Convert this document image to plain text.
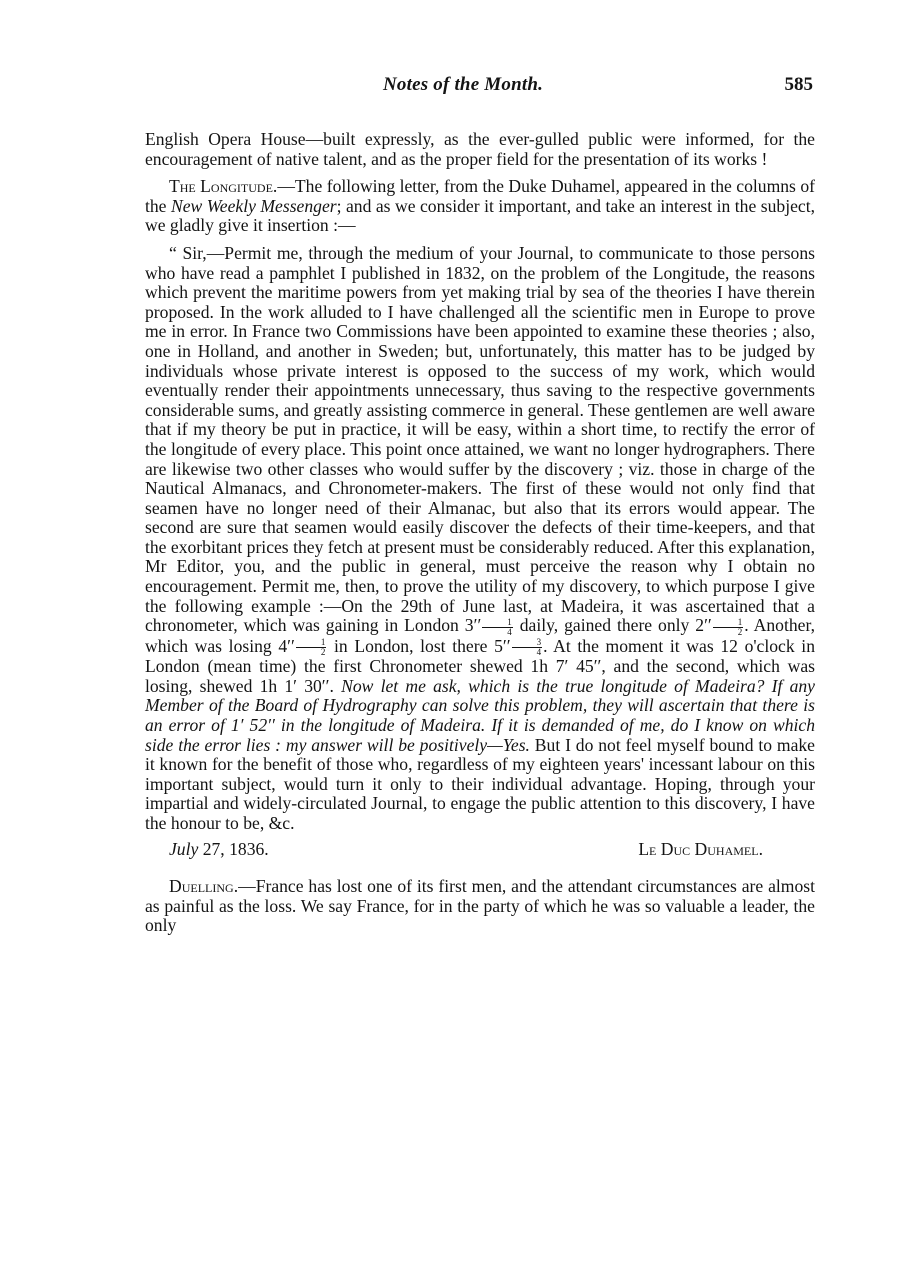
Notes of the Month.	585

English Opera House—built expressly, as the ever-gulled public were informed, for the encouragement of native talent, and as the proper field for the presentation of its works !

The Longitude.—The following letter, from the Duke Duhamel, appeared in the columns of the New Weekly Messenger; and as we consider it important, and take an interest in the subject, we gladly give it insertion :—

“ Sir,—Permit me, through the medium of your Journal, to communicate to those persons who have read a pamphlet I published in 1832, on the problem of the Longitude, the reasons which prevent the maritime powers from yet making trial by sea of the theories I have therein proposed. In the work alluded to I have challenged all the scientific men in Europe to prove me in error. In France two Commissions have been appointed to examine these theories ; also, one in Holland, and another in Sweden; but, unfortunately, this matter has to be judged by individuals whose private interest is opposed to the success of my work, which would eventually render their appointments unnecessary, thus saving to the respective governments considerable sums, and greatly assisting commerce in general. These gentlemen are well aware that if my theory be put in practice, it will be easy, within a short time, to rectify the error of the longitude of every place. This point once attained, we want no longer hydrographers. There are likewise two other classes who would suffer by the discovery ; viz. those in charge of the Nautical Almanacs, and Chronometer-makers. The first of these would not only find that seamen have no longer need of their Almanac, but also that its errors would appear. The second are sure that seamen would easily discover the defects of their time-keepers, and that the exorbitant prices they fetch at present must be considerably reduced. After this explanation, Mr Editor, you, and the public in general, must perceive the reason why I obtain no encouragement. Permit me, then, to prove the utility of my discovery, to which purpose I give the following example :—On the 29th of June last, at Madeira, it was ascertained that a chronometer, which was gaining in London $3'' \frac{1}{4}$ daily, gained there only $2'' \frac{1}{2}$ . Another, which was losing $4'' \frac{1}{2}$ in London, lost there $5'' \frac{3}{4}$ . At the moment it was 12 o'clock in London (mean time) the first Chronometer shewed 1h 7′ 45′′, and the second, which was losing, shewed 1h 1′ 30′′. Now let me ask, which is the true longitude of Madeira? If any Member of the Board of Hydrography can solve this problem, they will ascertain that there is an error of 1′ 52′′ in the longitude of Madeira. If it is demanded of me, do I know on which side the error lies : my answer will be positively—Yes. But I do not feel myself bound to make it known for the benefit of those who, regardless of my eighteen years' incessant labour on this important subject, would turn it only to their individual advantage. Hoping, through your impartial and widely-circulated Journal, to engage the public attention to this discovery, I have the honour to be, &c.

July 27, 1836.	Le Duc Duhamel.

Duelling.—France has lost one of its first men, and the attendant circumstances are almost as painful as the loss. We say France, for in the party of which he was so valuable a leader, the only
